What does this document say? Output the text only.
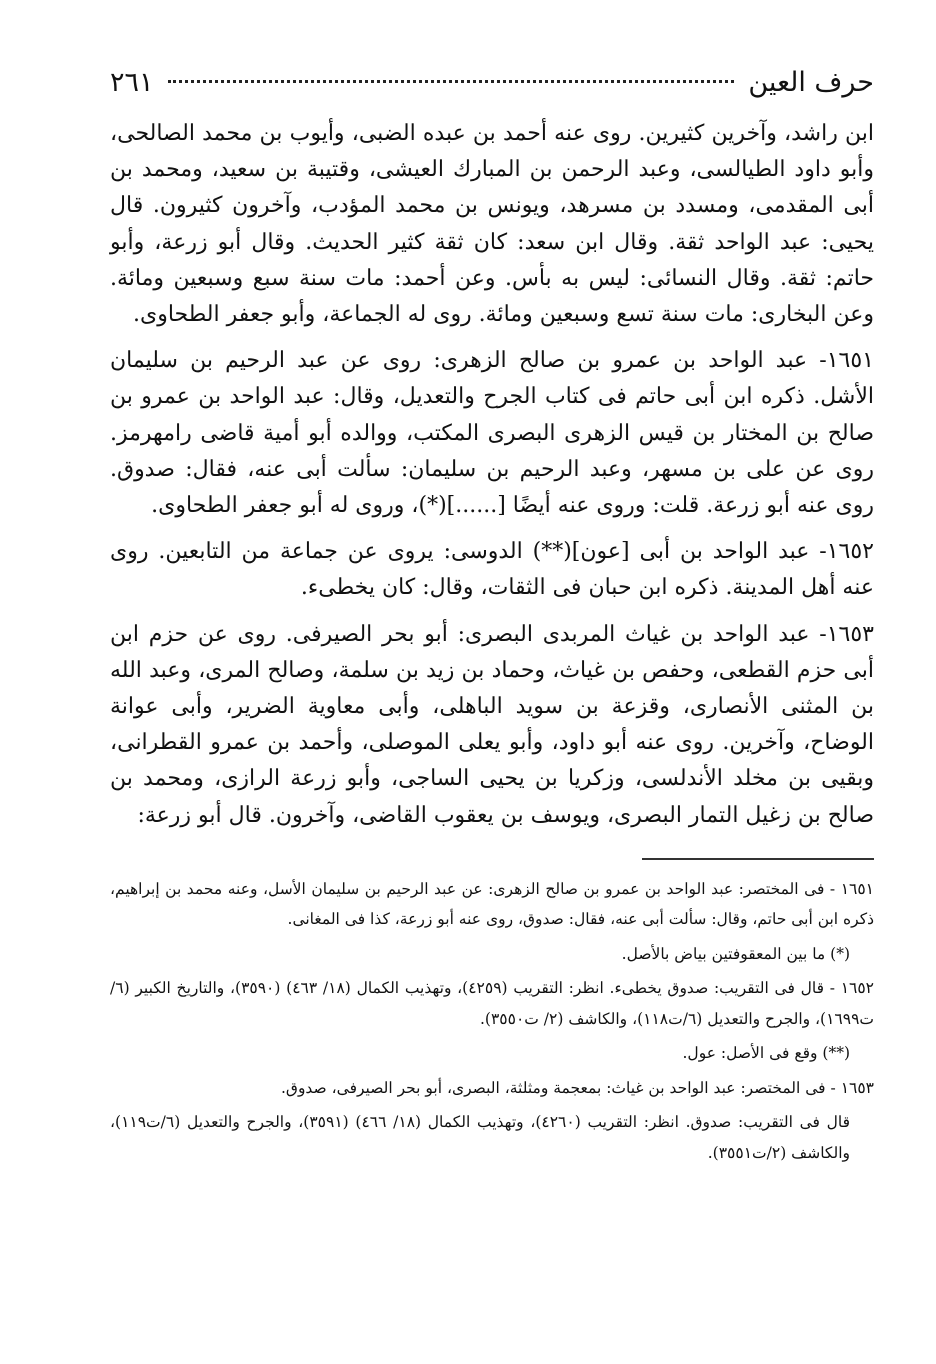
حرف العين
٢٦١

ابن راشد، وآخرين كثيرين. روى عنه أحمد بن عبده الضبى، وأيوب بن محمد الصالحى، وأبو داود الطيالسى، وعبد الرحمن بن المبارك العيشى، وقتيبة بن سعيد، ومحمد بن أبى المقدمى، ومسدد بن مسرهد، ويونس بن محمد المؤدب، وآخرون كثيرون. قال يحيى: عبد الواحد ثقة. وقال ابن سعد: كان ثقة كثير الحديث. وقال أبو زرعة، وأبو حاتم: ثقة. وقال النسائى: ليس به بأس. وعن أحمد: مات سنة سبع وسبعين ومائة. وعن البخارى: مات سنة تسع وسبعين ومائة. روى له الجماعة، وأبو جعفر الطحاوى.

١٦٥١- عبد الواحد بن عمرو بن صالح الزهرى: روى عن عبد الرحيم بن سليمان الأشل. ذكره ابن أبى حاتم فى كتاب الجرح والتعديل، وقال: عبد الواحد بن عمرو بن صالح بن المختار بن قيس الزهرى البصرى المكتب، ووالده أبو أمية قاضى رامهرمز. روى عن على بن مسهر، وعبد الرحيم بن سليمان: سألت أبى عنه، فقال: صدوق. روى عنه أبو زرعة. قلت: وروى عنه أيضًا [......](*)، وروى له أبو جعفر الطحاوى.

١٦٥٢- عبد الواحد بن أبى [عون](**) الدوسى: يروى عن جماعة من التابعين. روى عنه أهل المدينة. ذكره ابن حبان فى الثقات، وقال: كان يخطىء.

١٦٥٣- عبد الواحد بن غياث المربدى البصرى: أبو بحر الصيرفى. روى عن حزم ابن أبى حزم القطعى، وحفص بن غياث، وحماد بن زيد بن سلمة، وصالح المرى، وعبد الله بن المثنى الأنصارى، وقزعة بن سويد الباهلى، وأبى معاوية الضرير، وأبى عوانة الوضاح، وآخرين. روى عنه أبو داود، وأبو يعلى الموصلى، وأحمد بن عمرو القطرانى، وبقيى بن مخلد الأندلسى، وزكريا بن يحيى الساجى، وأبو زرعة الرازى، ومحمد بن صالح بن زغيل التمار البصرى، ويوسف بن يعقوب القاضى، وآخرون. قال أبو زرعة:

١٦٥١ - فى المختصر: عبد الواحد بن عمرو بن صالح الزهرى: عن عبد الرحيم بن سليمان الأسل، وعنه محمد بن إبراهيم، ذكره ابن أبى حاتم، وقال: سألت أبى عنه، فقال: صدوق، روى عنه أبو زرعة، كذا فى المغانى.

(*) ما بين المعقوفتين بياض بالأصل.

١٦٥٢ - قال فى التقريب: صدوق يخطىء. انظر: التقريب (٤٢٥٩)، وتهذيب الكمال (١٨/ ٤٦٣) (٣٥٩٠)، والتاريخ الكبير (٦/ت١٦٩٩)، والجرح والتعديل (٦/ت١١٨)، والكاشف (٢/ ت٣٥٥٠).

(**) وقع فى الأصل: عول.

١٦٥٣ - فى المختصر: عبد الواحد بن غياث: بمعجمة ومثلثة، البصرى، أبو بحر الصيرفى، صدوق.

قال فى التقريب: صدوق. انظر: التقريب (٤٢٦٠)، وتهذيب الكمال (١٨/ ٤٦٦) (٣٥٩١)، والجرح والتعديل (٦/ت١١٩)، والكاشف (٢/ت٣٥٥١).
